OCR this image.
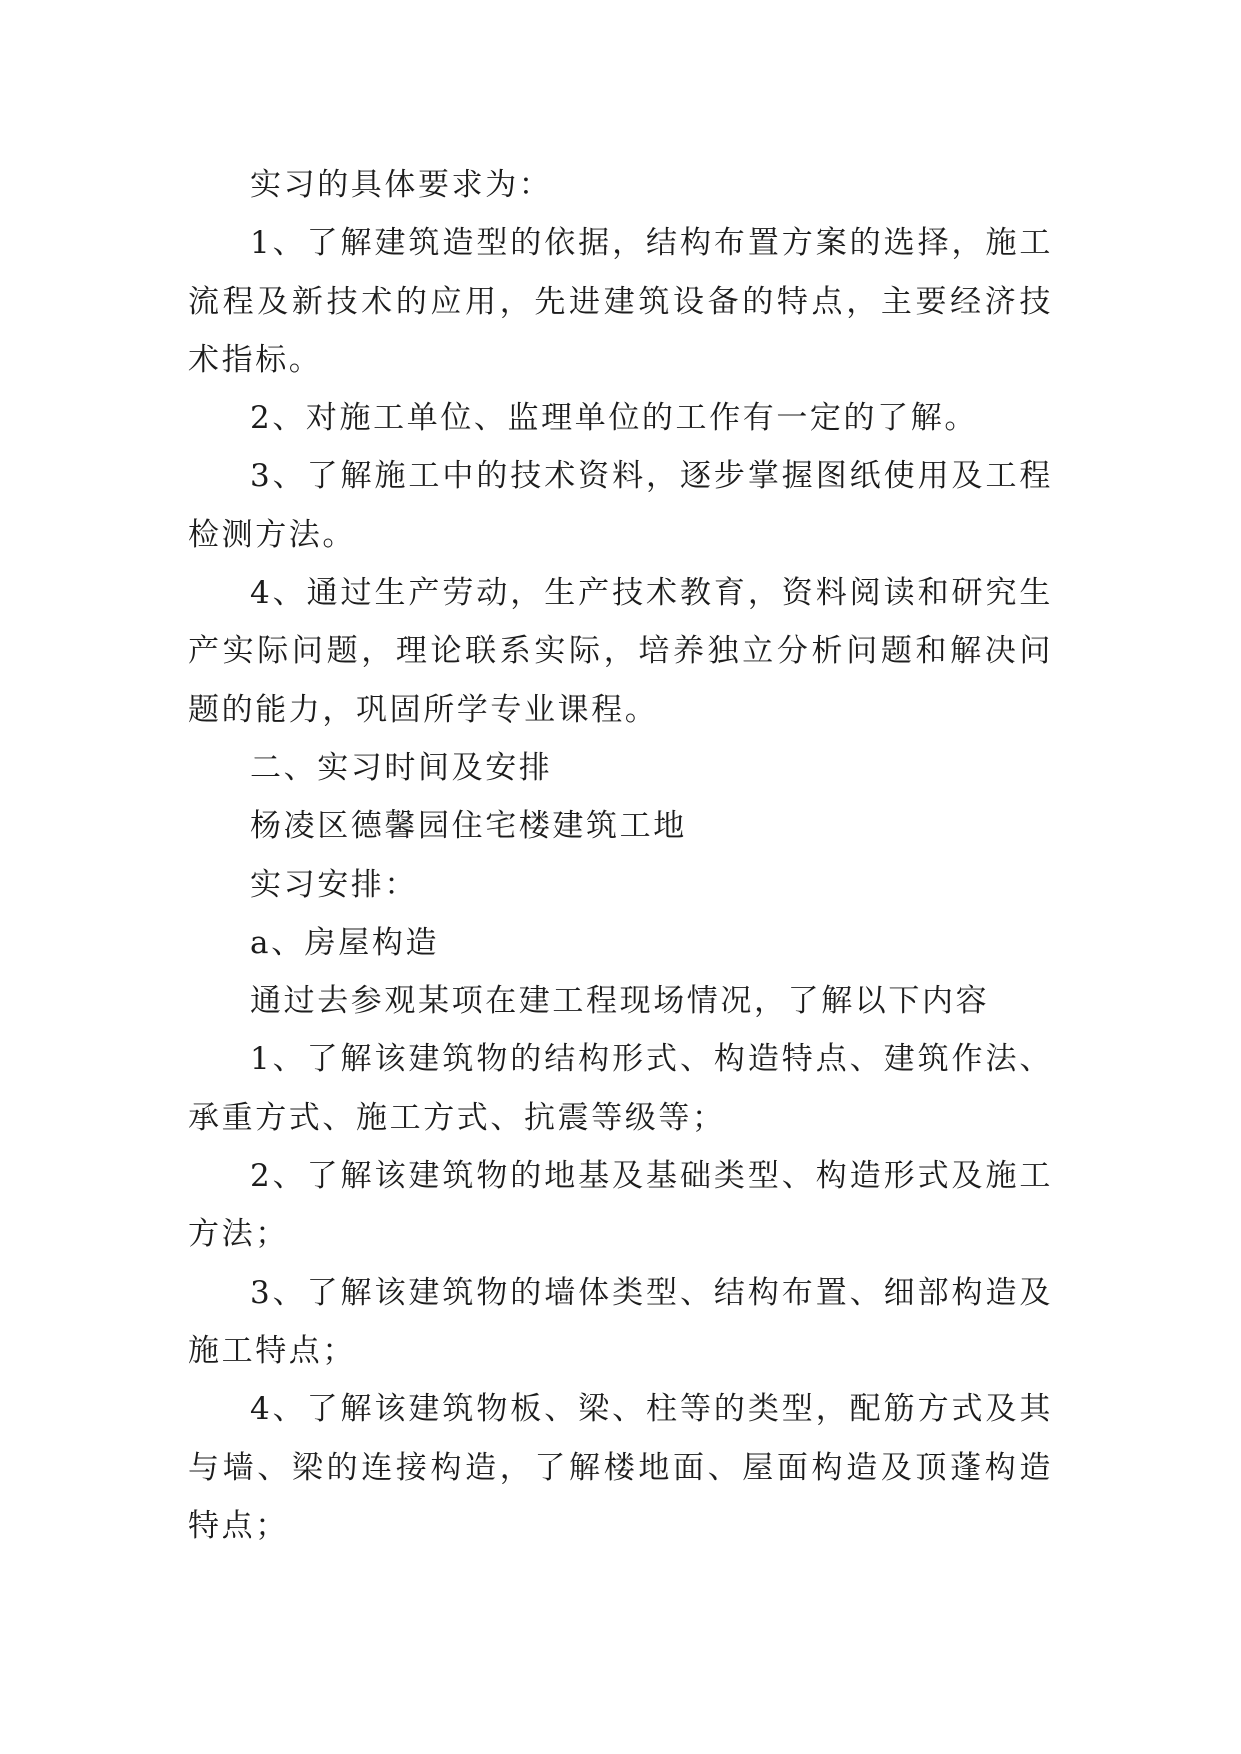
实习的具体要求为：

1、了解建筑造型的依据，结构布置方案的选择，施工流程及新技术的应用，先进建筑设备的特点，主要经济技术指标。

2、对施工单位、监理单位的工作有一定的了解。

3、了解施工中的技术资料，逐步掌握图纸使用及工程检测方法。

4、通过生产劳动，生产技术教育，资料阅读和研究生产实际问题，理论联系实际，培养独立分析问题和解决问题的能力，巩固所学专业课程。

二、实习时间及安排

杨凌区德馨园住宅楼建筑工地

实习安排：

a、房屋构造

通过去参观某项在建工程现场情况，了解以下内容

1、了解该建筑物的结构形式、构造特点、建筑作法、承重方式、施工方式、抗震等级等；

2、了解该建筑物的地基及基础类型、构造形式及施工方法；

3、了解该建筑物的墙体类型、结构布置、细部构造及施工特点；

4、了解该建筑物板、梁、柱等的类型，配筋方式及其与墙、梁的连接构造，了解楼地面、屋面构造及顶蓬构造特点；
